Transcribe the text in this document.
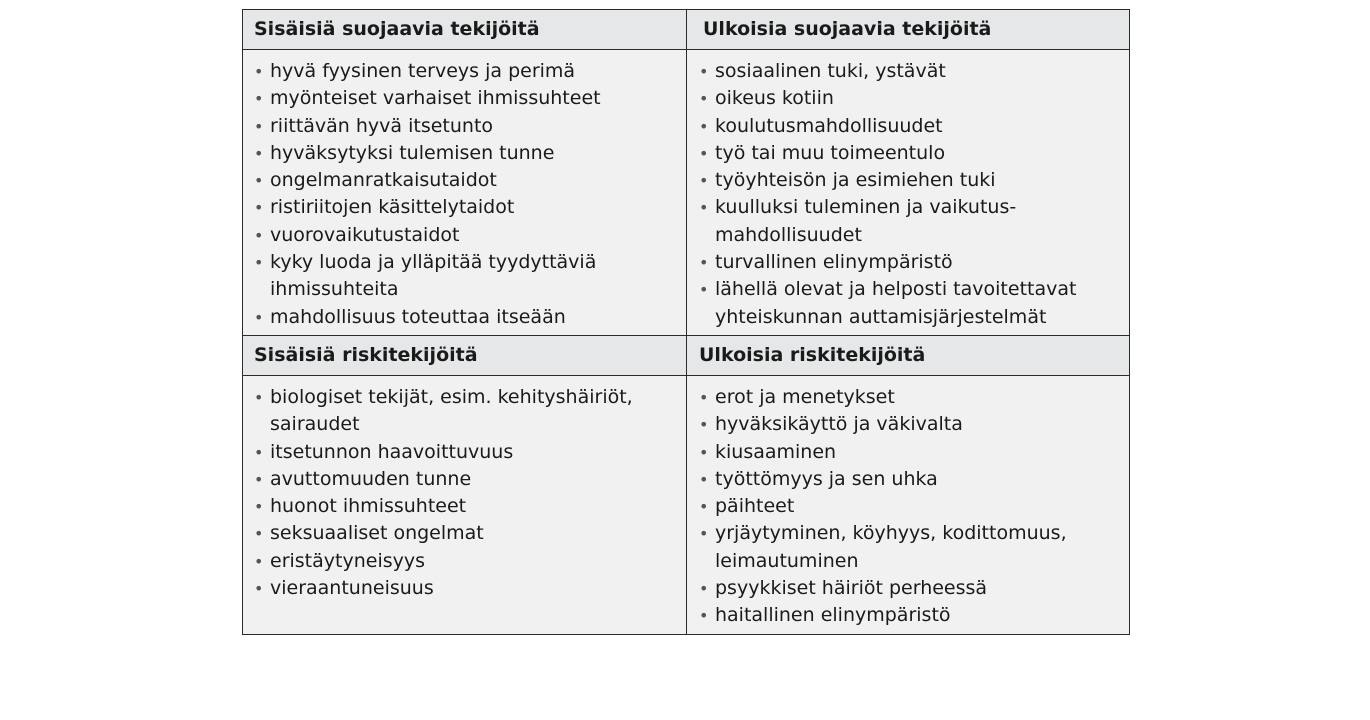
Sisäisiä suojaavia tekijöitä	Ulkoisia suojaavia tekijöitä
• hyvä fyysinen terveys ja perimä
• myönteiset varhaiset ihmissuhteet
• riittävän hyvä itsetunto
• hyväksytyksi tulemisen tunne
• ongelmanratkaisutaidot
• ristiriitojen käsittelytaidot
• vuorovaikutustaidot
• kyky luoda ja ylläpitää tyydyttäviä
ihmissuhteita
• mahdollisuus toteuttaa itseään
• sosiaalinen tuki, ystävät
• oikeus kotiin
• koulutusmahdollisuudet
• työ tai muu toimeentulo
• työyhteisön ja esimiehen tuki
• kuulluksi tuleminen ja vaikutus-
mahdollisuudet
• turvallinen elinympäristö
• lähellä olevat ja helposti tavoitettavat
yhteiskunnan auttamisjärjestelmät
Sisäisiä riskitekijöitä	Ulkoisia riskitekijöitä
• biologiset tekijät, esim. kehityshäiriöt,
sairaudet
• itsetunnon haavoittuvuus
• avuttomuuden tunne
• huonot ihmissuhteet
• seksuaaliset ongelmat
• eristäytyneisyys
• vieraantuneisuus
• erot ja menetykset
• hyväksikäyttö ja väkivalta
• kiusaaminen
• työttömyys ja sen uhka
• päihteet
• yrjäytyminen, köyhyys, kodittomuus,
leimautuminen
• psyykkiset häiriöt perheessä
• haitallinen elinympäristö
